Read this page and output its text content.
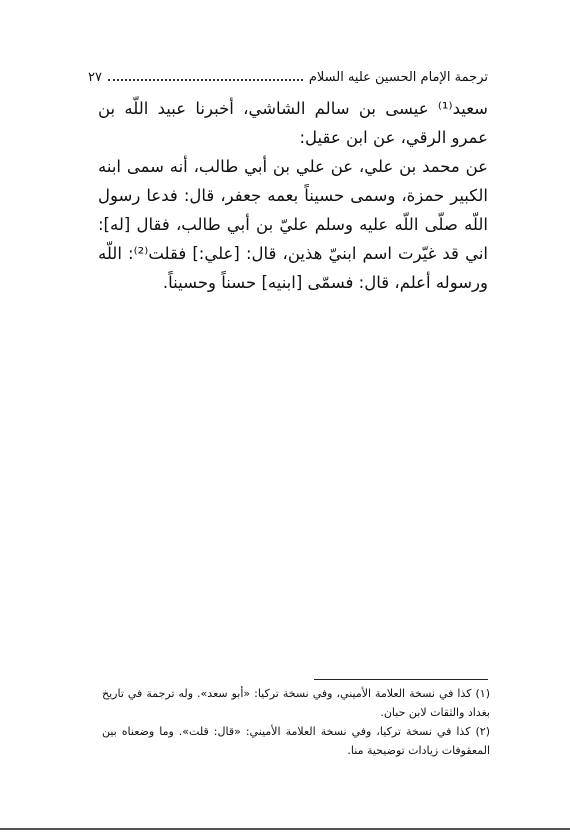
ترجمة الإمام الحسين عليه السلام
٢٧

سعيد⁽¹⁾ عيسى بن سالم الشاشي، أخبرنا عبيد اللّه بن عمرو الرقي، عن ابن عقيل:

عن محمد بن علي، عن علي بن أبي طالب، أنه سمى ابنه الكبير حمزة، وسمى حسيناً بعمه جعفر، قال: فدعا رسول اللّه صلّى اللّه عليه وسلم عليّ بن أبي طالب، فقال [له]: اني قد غيّرت اسم ابنيّ هذين، قال: [علي:] فقلت⁽²⁾: اللّه ورسوله أعلم، قال: فسمّى [ابنيه] حسناً وحسيناً.

(١) كذا في نسخة العلامة الأميني، وفي نسخة تركيا: «أبو سعد». وله ترجمة في تاريخ بغداد والثقات لابن حبان.

(٢) كذا في نسخة تركيا، وفي نسخة العلامة الأميني: «قال: قلت». وما وضعناه بين المعقوفات زيادات توضيحية منا.
